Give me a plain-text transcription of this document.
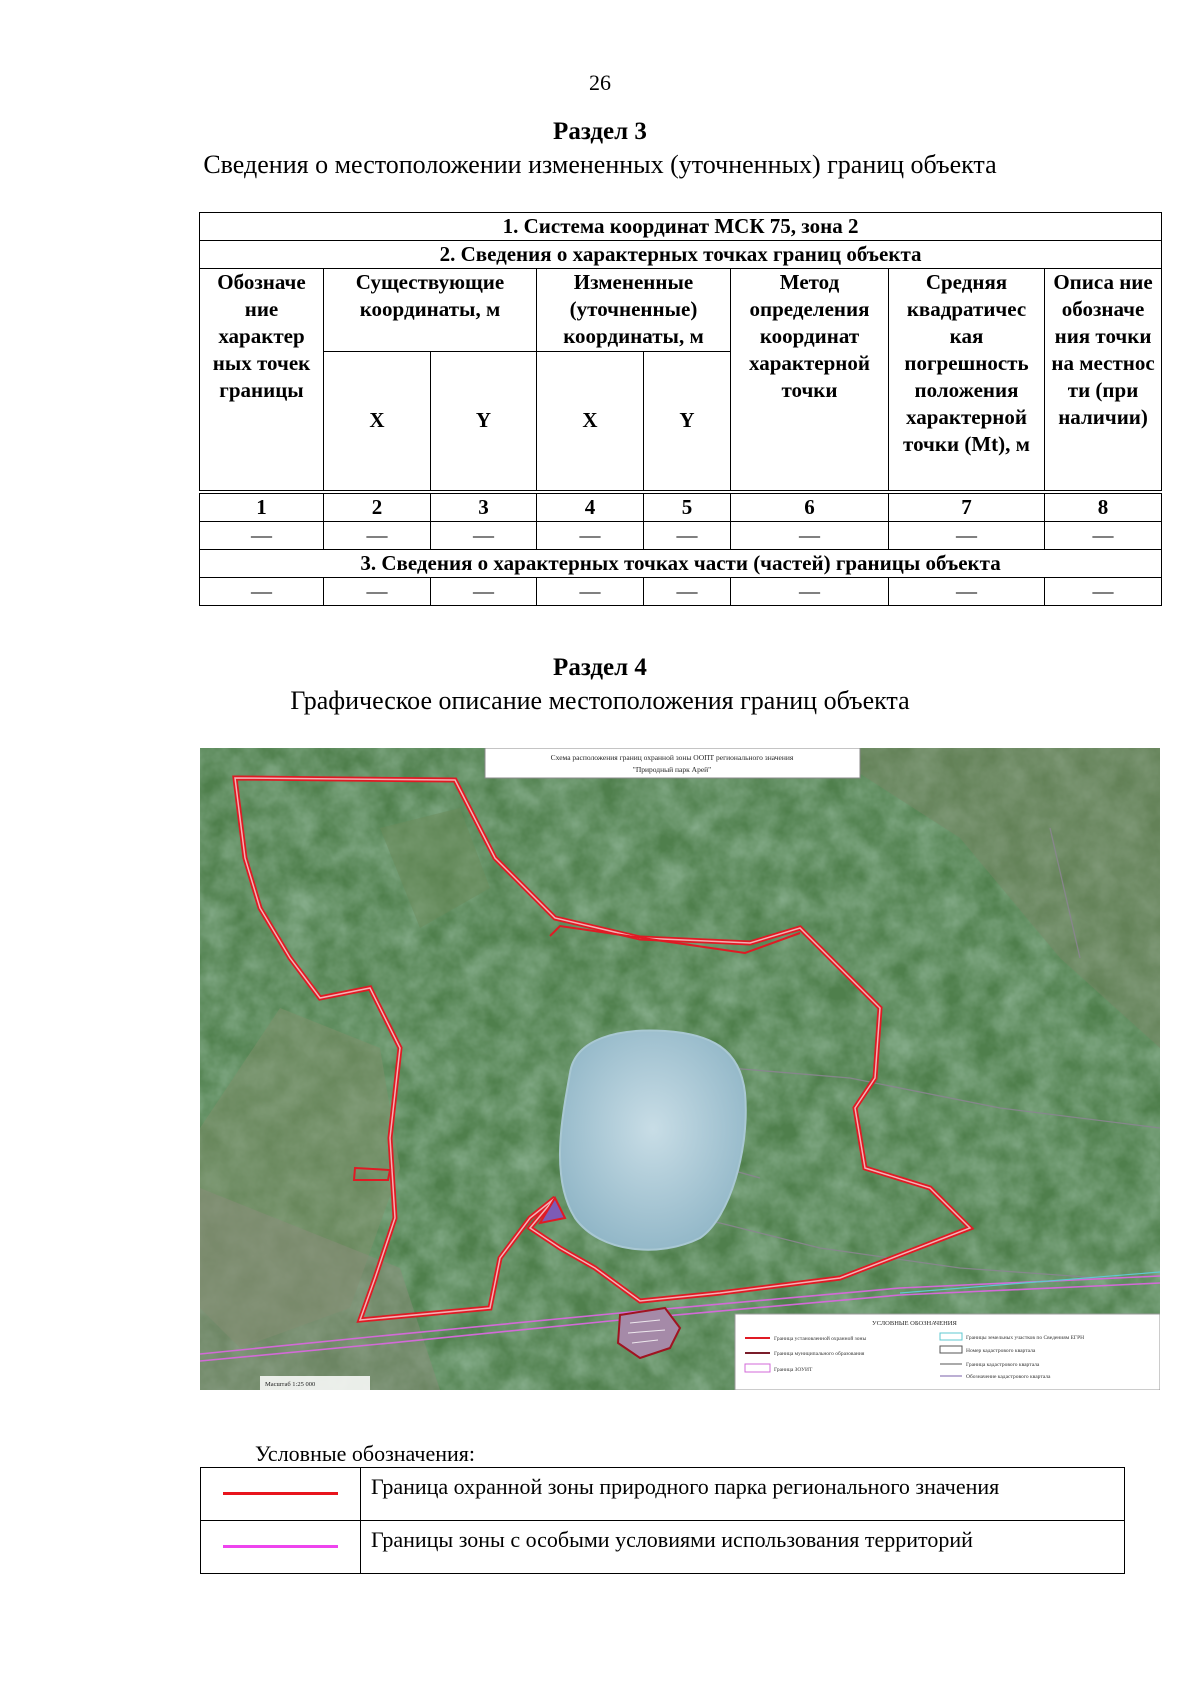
26
Раздел 3
Сведения о местоположении измененных (уточненных) границ объекта
1. Система координат МСК 75, зона 2							
2. Сведения о характерных точках границ объекта							
Обозначе ние характер ных точек границы	Существующие координаты, м		Измененные (уточненные) координаты, м		Метод определения координат характерной точки	Средняя квадратичес кая погрешность положения характерной точки (Mt), м	Описа ние обозначе ния точки на местнос ти (при наличии)
	X	Y	X	Y			
1	2	3	4	5	6	7	8
—	—	—	—	—	—	—	—
3. Сведения о характерных точках части (частей) границы объекта							
—	—	—	—	—	—	—	—
Раздел 4
Графическое описание местоположения границ объекта
Схема расположения границ охранной зоны ООПТ регионального значения
"Природный парк Арей"
УСЛОВНЫЕ ОБОЗНАЧЕНИЯ
Граница установленной охранной зоны
Граница муниципального образования
Граница ЗОУИТ
Границы земельных участков по Сведениям ЕГРН
Номер кадастрового квартала
Граница кадастрового квартала
Обозначение кадастрового квартала
Масштаб 1:25 000
Условные обозначения:
	Граница охранной зоны природного парка регионального значения

	Границы зоны с особыми условиями использования территорий
